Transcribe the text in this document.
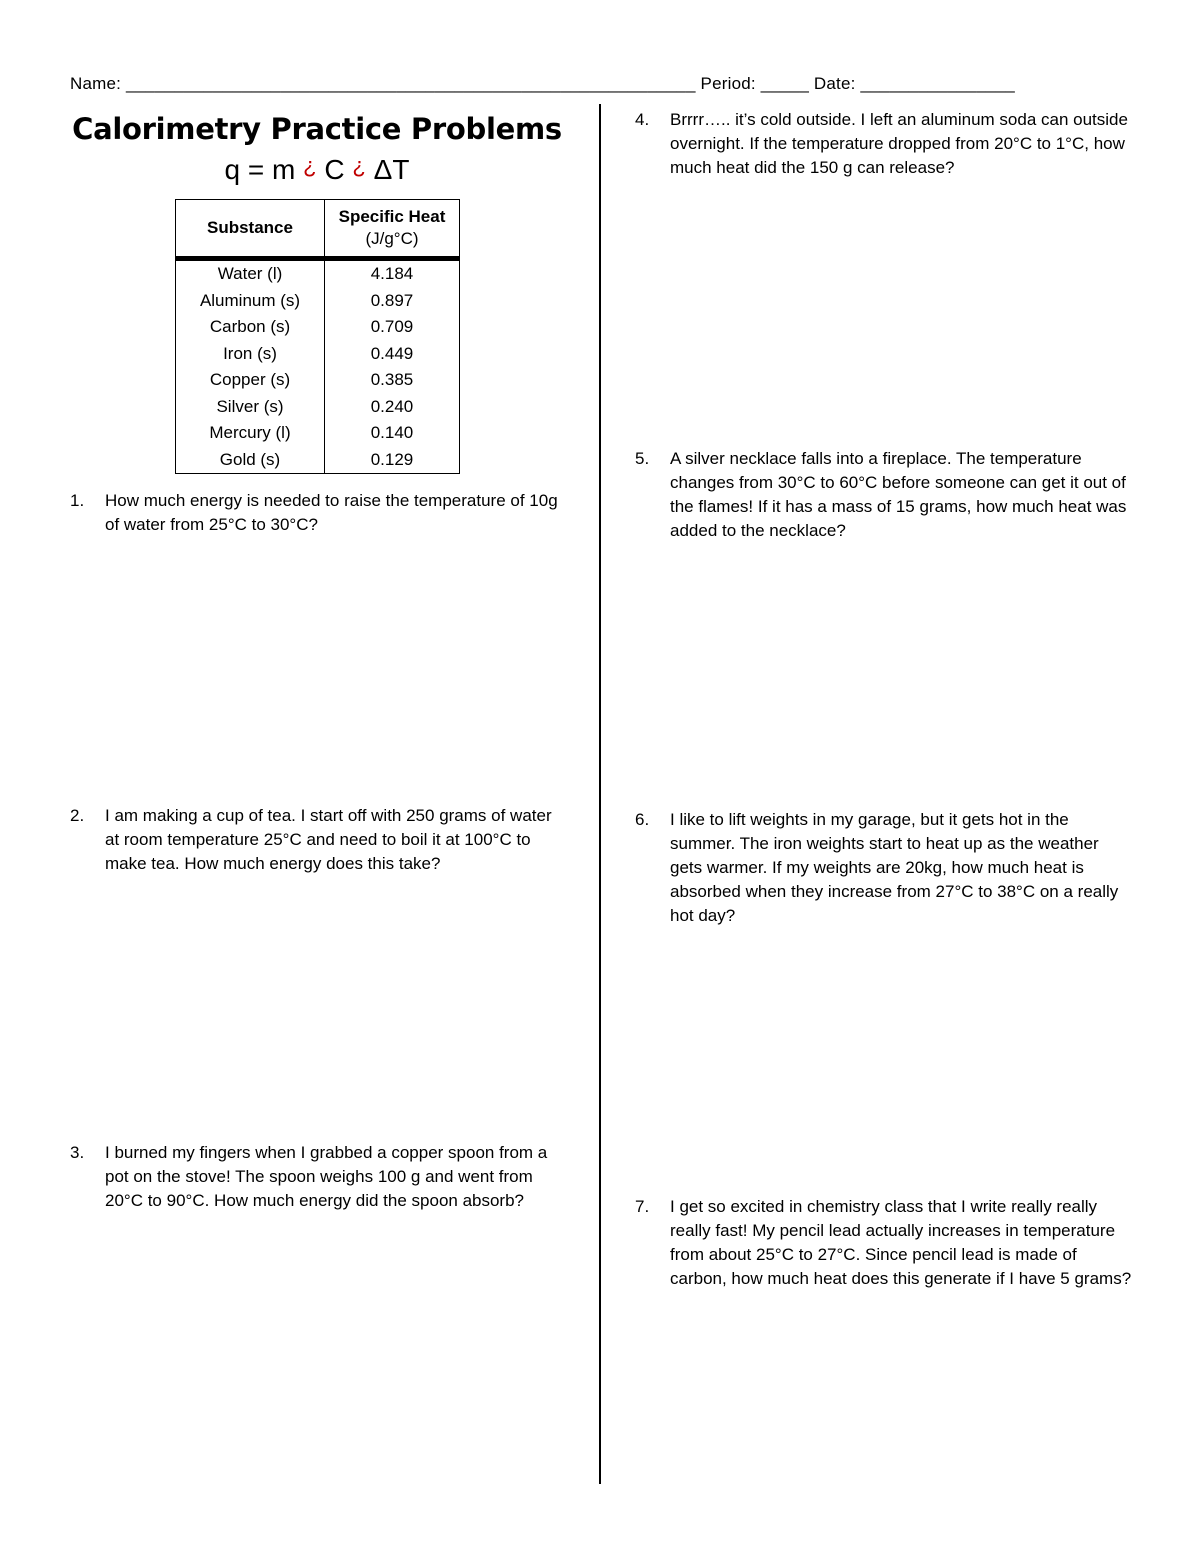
Name: ___________________________________________________________ Period: _____ Date: ________________
Calorimetry Practice Problems
q = m ¿ C ¿ ΔT
Substance	Specific Heat
(J/g°C)

Water (l)	4.184
Aluminum (s)	0.897
Carbon (s)	0.709
Iron (s)	0.449
Copper (s)	0.385
Silver (s)	0.240
Mercury (l)	0.140
Gold (s)	0.129
1. How much energy is needed to raise the temperature of 10g of water from 25°C to 30°C?
2. I am making a cup of tea. I start off with 250 grams of water at room temperature 25°C and need to boil it at 100°C to make tea. How much energy does this take?
3. I burned my fingers when I grabbed a copper spoon from a pot on the stove! The spoon weighs 100 g and went from 20°C to 90°C. How much energy did the spoon absorb?
4. Brrrr….. it’s cold outside. I left an aluminum soda can outside overnight. If the temperature dropped from 20°C to 1°C, how much heat did the 150 g can release?
5. A silver necklace falls into a fireplace. The temperature changes from 30°C to 60°C before someone can get it out of the flames! If it has a mass of 15 grams, how much heat was added to the necklace?
6. I like to lift weights in my garage, but it gets hot in the summer. The iron weights start to heat up as the weather gets warmer. If my weights are 20kg, how much heat is absorbed when they increase from 27°C to 38°C on a really hot day?
7. I get so excited in chemistry class that I write really really really fast! My pencil lead actually increases in temperature from about 25°C to 27°C. Since pencil lead is made of carbon, how much heat does this generate if I have 5 grams?
